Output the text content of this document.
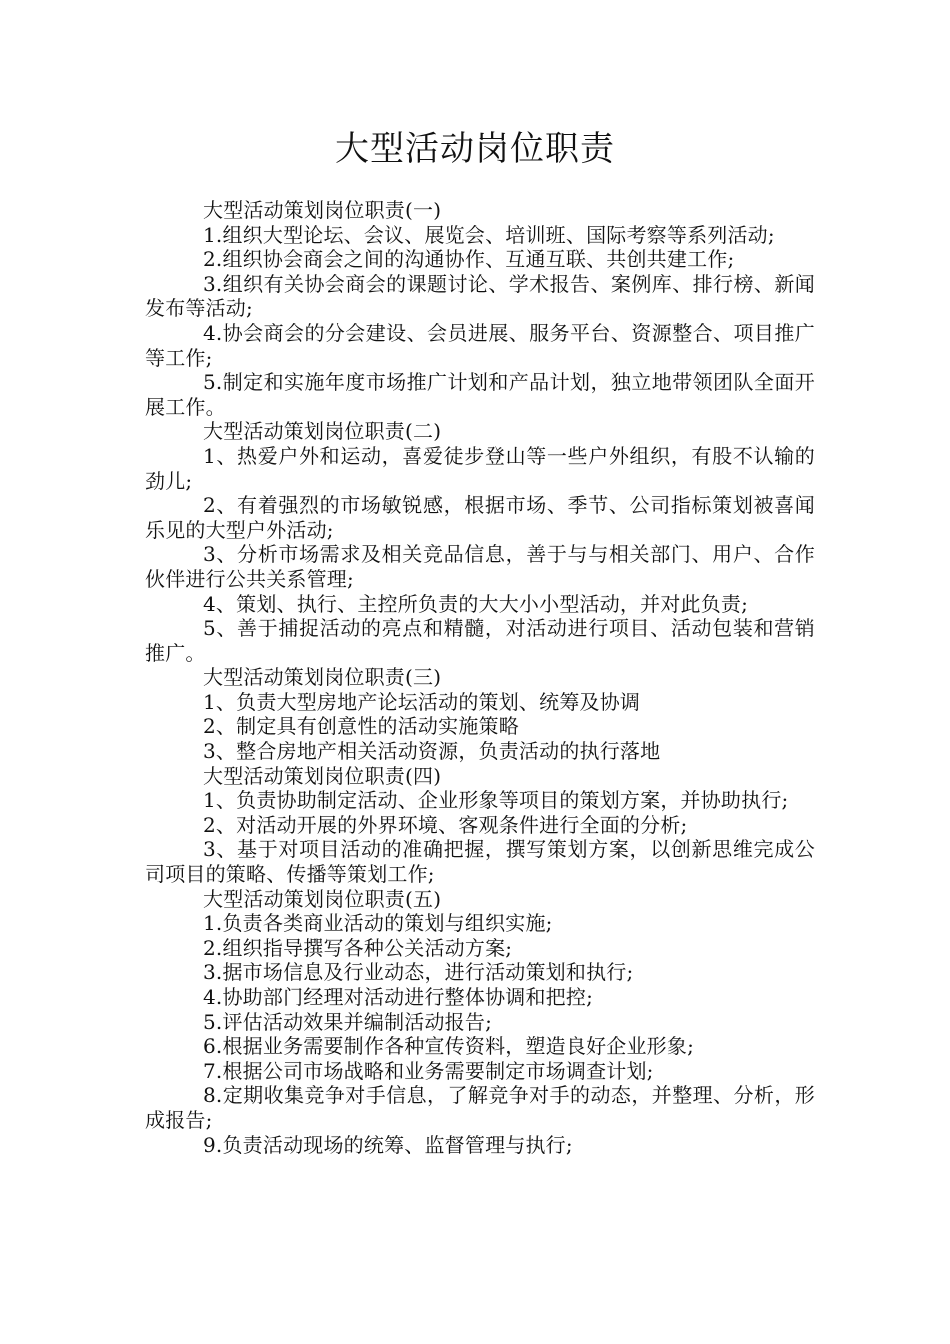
大型活动岗位职责

大型活动策划岗位职责(一)

1.组织大型论坛、会议、展览会、培训班、国际考察等系列活动;

2.组织协会商会之间的沟通协作、互通互联、共创共建工作;

3.组织有关协会商会的课题讨论、学术报告、案例库、排行榜、新闻发布等活动;

4.协会商会的分会建设、会员进展、服务平台、资源整合、项目推广等工作;

5.制定和实施年度市场推广计划和产品计划，独立地带领团队全面开展工作。

大型活动策划岗位职责(二)

1、热爱户外和运动，喜爱徒步登山等一些户外组织，有股不认输的劲儿;

2、有着强烈的市场敏锐感，根据市场、季节、公司指标策划被喜闻乐见的大型户外活动;

3、分析市场需求及相关竞品信息，善于与与相关部门、用户、合作伙伴进行公共关系管理;

4、策划、执行、主控所负责的大大小小型活动，并对此负责;

5、善于捕捉活动的亮点和精髓，对活动进行项目、活动包装和营销推广。

大型活动策划岗位职责(三)

1、负责大型房地产论坛活动的策划、统筹及协调

2、制定具有创意性的活动实施策略

3、整合房地产相关活动资源，负责活动的执行落地

大型活动策划岗位职责(四)

1、负责协助制定活动、企业形象等项目的策划方案，并协助执行;

2、对活动开展的外界环境、客观条件进行全面的分析;

3、基于对项目活动的准确把握，撰写策划方案，以创新思维完成公司项目的策略、传播等策划工作;

大型活动策划岗位职责(五)

1.负责各类商业活动的策划与组织实施;

2.组织指导撰写各种公关活动方案;

3.据市场信息及行业动态，进行活动策划和执行;

4.协助部门经理对活动进行整体协调和把控;

5.评估活动效果并编制活动报告;

6.根据业务需要制作各种宣传资料，塑造良好企业形象;

7.根据公司市场战略和业务需要制定市场调查计划;

8.定期收集竞争对手信息，了解竞争对手的动态，并整理、分析，形成报告;

9.负责活动现场的统筹、监督管理与执行;
